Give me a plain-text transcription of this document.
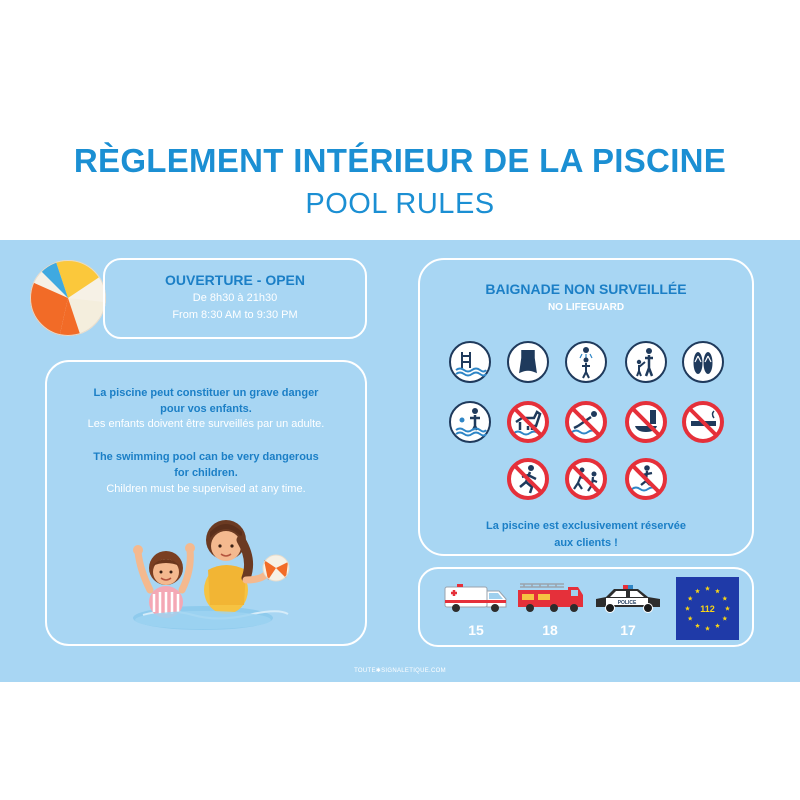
RÈGLEMENT INTÉRIEUR DE LA PISCINE
POOL RULES
OUVERTURE - OPEN
De 8h30 à 21h30
From 8:30 AM to 9:30 PM
La piscine peut constituer un grave danger
pour vos enfants.
Les enfants doivent être surveillés par un adulte.
The swimming pool can be very dangerous
for children.
Children must be supervised at any time.
BAIGNADE NON SURVEILLÉE
NO LIFEGUARD
La piscine est exclusivement réservée
aux clients !
POLICE
112
15	18	17
TOUTE✱SIGNALETIQUE.COM
